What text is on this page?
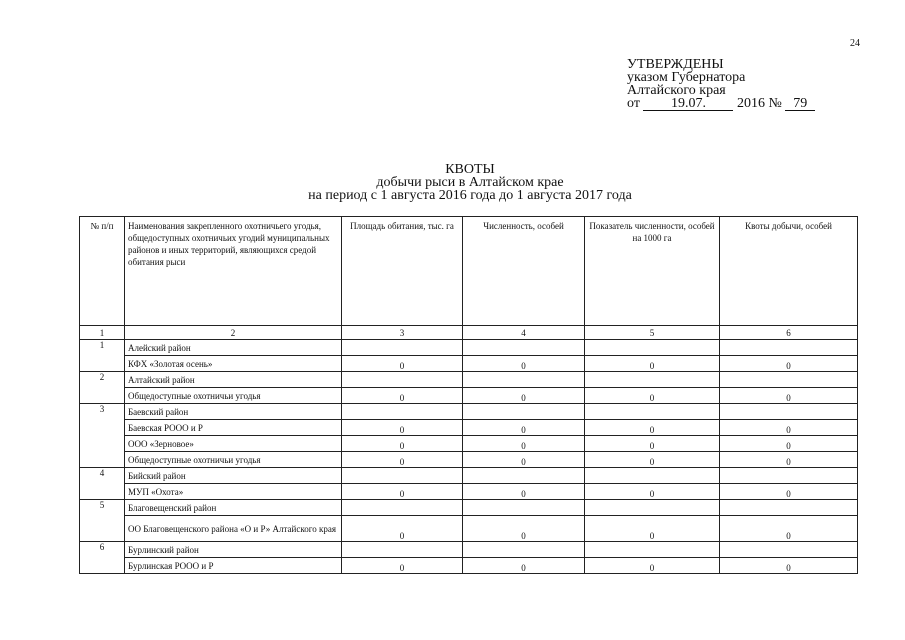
24
УТВЕРЖДЕНЫ
указом Губернатора
Алтайского края
от 19.07. 2016 № 79
КВОТЫ
добычи рыси в Алтайском крае
на период с 1 августа 2016 года до 1 августа 2017 года
№ п/п	Наименования закрепленного охотничьего угодья, общедоступных охотничьих угодий муниципальных районов и иных территорий, являющихся средой обитания рыси	Площадь обитания, тыс. га	Численность, особей	Показатель численности, особей на 1000 га	Квоты добычи, особей
1	2	3	4	5	6
1	Алейский район				
	КФХ «Золотая осень»	0	0	0	0
2	Алтайский район				
	Общедоступные охотничьи угодья	0	0	0	0
3	Баевский район				
	Баевская РООО и Р	0	0	0	0
	ООО «Зерновое»	0	0	0	0
	Общедоступные охотничьи угодья	0	0	0	0
4	Бийский район				
	МУП «Охота»	0	0	0	0
5	Благовещенский район				
	ОО Благовещенского района «О и Р» Алтайского края	0	0	0	0
6	Бурлинский район				
	Бурлинская РООО и Р	0	0	0	0
